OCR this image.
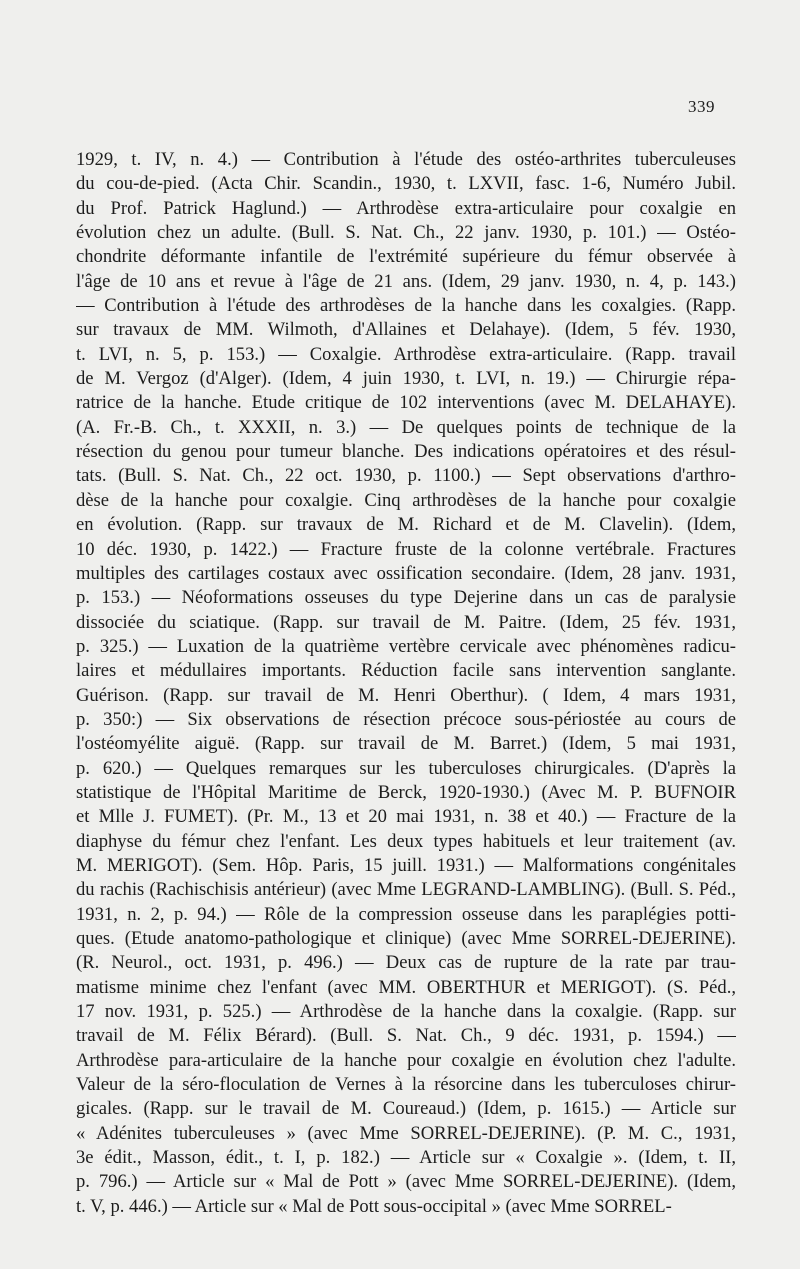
339
1929, t. IV, n. 4.) — Contribution à l'étude des ostéo-arthrites tuberculeuses
du cou-de-pied. (Acta Chir. Scandin., 1930, t. LXVII, fasc. 1-6, Numéro Jubil.
du Prof. Patrick Haglund.) — Arthrodèse extra-articulaire pour coxalgie en
évolution chez un adulte. (Bull. S. Nat. Ch., 22 janv. 1930, p. 101.) — Ostéo-
chondrite déformante infantile de l'extrémité supérieure du fémur observée à
l'âge de 10 ans et revue à l'âge de 21 ans. (Idem, 29 janv. 1930, n. 4, p. 143.)
— Contribution à l'étude des arthrodèses de la hanche dans les coxalgies. (Rapp.
sur travaux de MM. Wilmoth, d'Allaines et Delahaye). (Idem, 5 fév. 1930,
t. LVI, n. 5, p. 153.) — Coxalgie. Arthrodèse extra-articulaire. (Rapp. travail
de M. Vergoz (d'Alger). (Idem, 4 juin 1930, t. LVI, n. 19.) — Chirurgie répa-
ratrice de la hanche. Etude critique de 102 interventions (avec M. DELAHAYE).
(A. Fr.-B. Ch., t. XXXII, n. 3.) — De quelques points de technique de la
résection du genou pour tumeur blanche. Des indications opératoires et des résul-
tats. (Bull. S. Nat. Ch., 22 oct. 1930, p. 1100.) — Sept observations d'arthro-
dèse de la hanche pour coxalgie. Cinq arthrodèses de la hanche pour coxalgie
en évolution. (Rapp. sur travaux de M. Richard et de M. Clavelin). (Idem,
10 déc. 1930, p. 1422.) — Fracture fruste de la colonne vertébrale. Fractures
multiples des cartilages costaux avec ossification secondaire. (Idem, 28 janv. 1931,
p. 153.) — Néoformations osseuses du type Dejerine dans un cas de paralysie
dissociée du sciatique. (Rapp. sur travail de M. Paitre. (Idem, 25 fév. 1931,
p. 325.) — Luxation de la quatrième vertèbre cervicale avec phénomènes radicu-
laires et médullaires importants. Réduction facile sans intervention sanglante.
Guérison. (Rapp. sur travail de M. Henri Oberthur). ( Idem, 4 mars 1931,
p. 350:) — Six observations de résection précoce sous-périostée au cours de
l'ostéomyélite aiguë. (Rapp. sur travail de M. Barret.) (Idem, 5 mai 1931,
p. 620.) — Quelques remarques sur les tuberculoses chirurgicales. (D'après la
statistique de l'Hôpital Maritime de Berck, 1920-1930.) (Avec M. P. BUFNOIR
et Mlle J. FUMET). (Pr. M., 13 et 20 mai 1931, n. 38 et 40.) — Fracture de la
diaphyse du fémur chez l'enfant. Les deux types habituels et leur traitement (av.
M. MERIGOT). (Sem. Hôp. Paris, 15 juill. 1931.) — Malformations congénitales
du rachis (Rachischisis antérieur) (avec Mme LEGRAND-LAMBLING). (Bull. S. Péd.,
1931, n. 2, p. 94.) — Rôle de la compression osseuse dans les paraplégies potti-
ques. (Etude anatomo-pathologique et clinique) (avec Mme SORREL-DEJERINE).
(R. Neurol., oct. 1931, p. 496.) — Deux cas de rupture de la rate par trau-
matisme minime chez l'enfant (avec MM. OBERTHUR et MERIGOT). (S. Péd.,
17 nov. 1931, p. 525.) — Arthrodèse de la hanche dans la coxalgie. (Rapp. sur
travail de M. Félix Bérard). (Bull. S. Nat. Ch., 9 déc. 1931, p. 1594.) —
Arthrodèse para-articulaire de la hanche pour coxalgie en évolution chez l'adulte.
Valeur de la séro-floculation de Vernes à la résorcine dans les tuberculoses chirur-
gicales. (Rapp. sur le travail de M. Coureaud.) (Idem, p. 1615.) — Article sur
« Adénites tuberculeuses » (avec Mme SORREL-DEJERINE). (P. M. C., 1931,
3e édit., Masson, édit., t. I, p. 182.) — Article sur « Coxalgie ». (Idem, t. II,
p. 796.) — Article sur « Mal de Pott » (avec Mme SORREL-DEJERINE). (Idem,
t. V, p. 446.) — Article sur « Mal de Pott sous-occipital » (avec Mme SORREL-
